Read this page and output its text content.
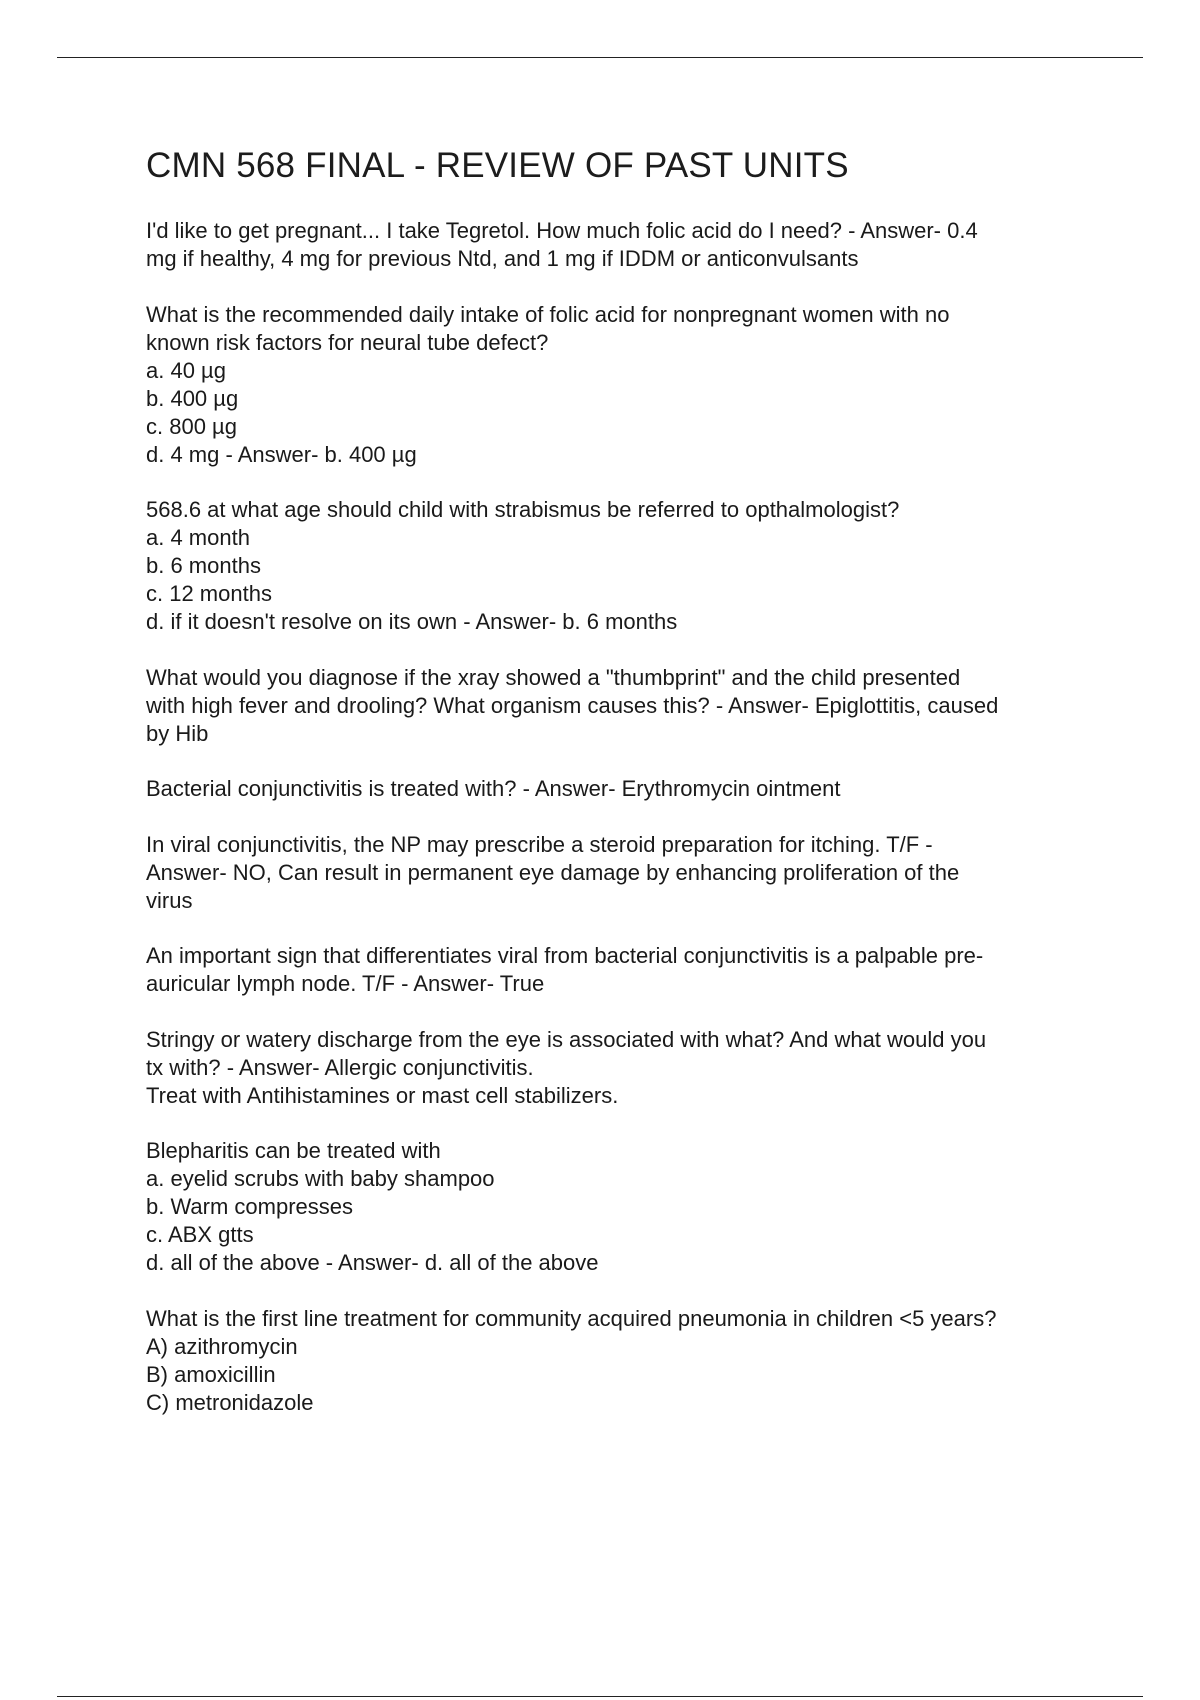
CMN 568 FINAL - REVIEW OF PAST UNITS
I'd like to get pregnant... I take Tegretol. How much folic acid do I need? - Answer- 0.4
mg if healthy, 4 mg for previous Ntd, and 1 mg if IDDM or anticonvulsants
What is the recommended daily intake of folic acid for nonpregnant women with no
known risk factors for neural tube defect?
a. 40 µg
b. 400 µg
c. 800 µg
d. 4 mg - Answer- b. 400 µg
568.6 at what age should child with strabismus be referred to opthalmologist?
a. 4 month
b. 6 months
c. 12 months
d. if it doesn't resolve on its own - Answer- b. 6 months
What would you diagnose if the xray showed a "thumbprint" and the child presented
with high fever and drooling? What organism causes this? - Answer- Epiglottitis, caused
by Hib
Bacterial conjunctivitis is treated with? - Answer- Erythromycin ointment
In viral conjunctivitis, the NP may prescribe a steroid preparation for itching. T/F -
Answer- NO, Can result in permanent eye damage by enhancing proliferation of the
virus
An important sign that differentiates viral from bacterial conjunctivitis is a palpable pre-
auricular lymph node. T/F - Answer- True
Stringy or watery discharge from the eye is associated with what? And what would you
tx with? - Answer- Allergic conjunctivitis.
Treat with Antihistamines or mast cell stabilizers.
Blepharitis can be treated with
a. eyelid scrubs with baby shampoo
b. Warm compresses
c. ABX gtts
d. all of the above - Answer- d. all of the above
What is the first line treatment for community acquired pneumonia in children <5 years?
A) azithromycin
B) amoxicillin
C) metronidazole
